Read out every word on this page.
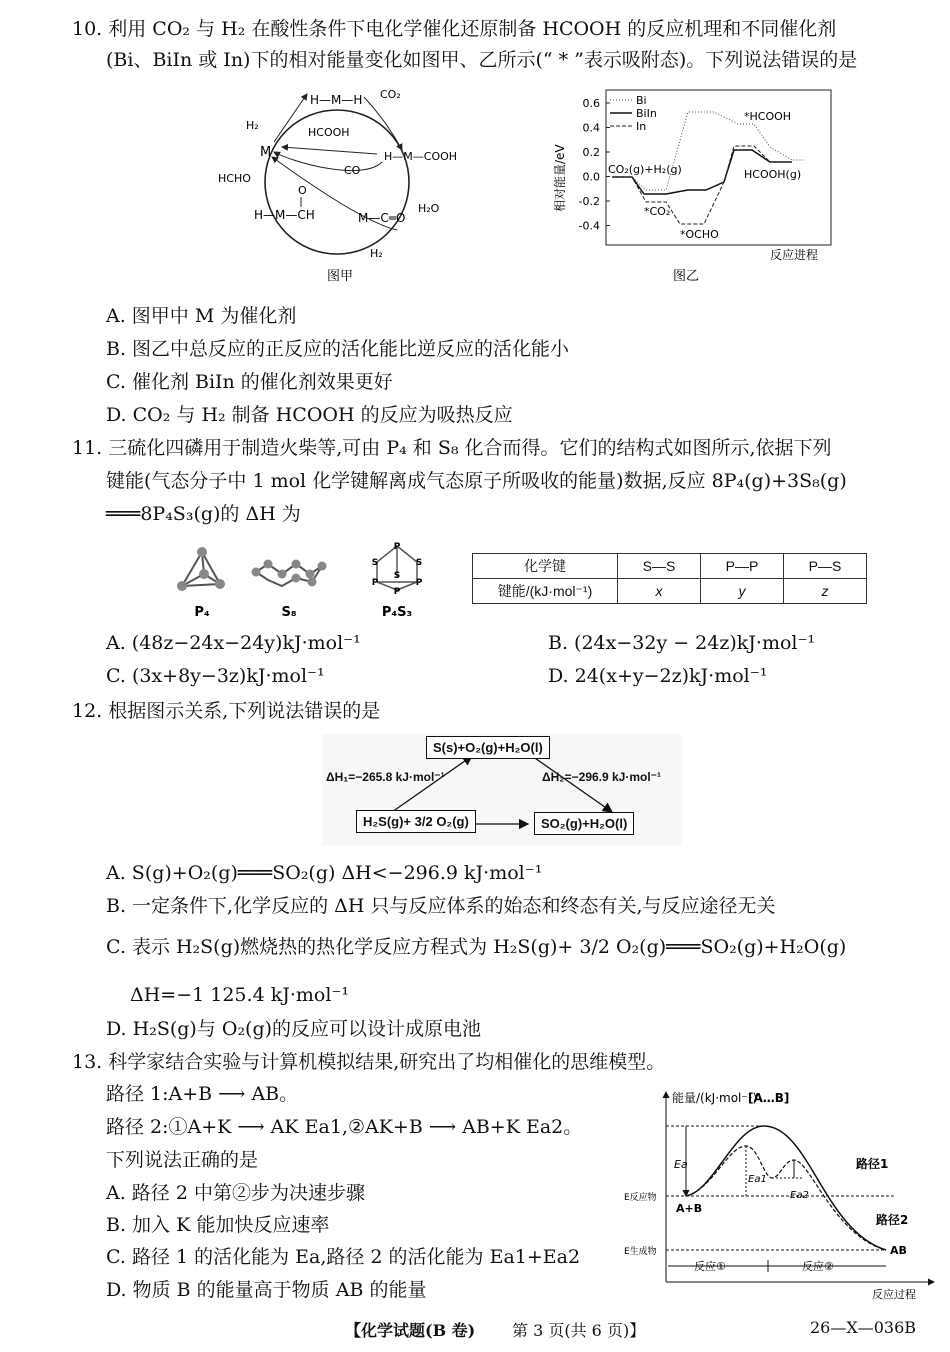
10. 利用 CO₂ 与 H₂ 在酸性条件下电化学催化还原制备 HCOOH 的反应机理和不同催化剂
(Bi、BiIn 或 In)下的相对能量变化如图甲、乙所示(“ * ”表示吸附态)。下列说法错误的是
M
H—M—H CO₂
H₂
HCOOH
H—M—COOH
HCHO
CO
O
H—M—CH	M—C═O
H₂O
H₂
图甲
相对能量/eV
0.6
0.4
0.2
0.0
-0.2
-0.4
Bi
BiIn
In
CO₂(g)+H₂(g)
*CO₂
*OCHO
*HCOOH
HCOOH(g)
反应进程
图乙
A. 图甲中 M 为催化剂
B. 图乙中总反应的正反应的活化能比逆反应的活化能小
C. 催化剂 BiIn 的催化剂效果更好
D. CO₂ 与 H₂ 制备 HCOOH 的反应为吸热反应
11. 三硫化四磷用于制造火柴等,可由 P₄ 和 S₈ 化合而得。它们的结构式如图所示,依据下列
键能(气态分子中 1 mol 化学键解离成气态原子所吸收的能量)数据,反应 8P₄(g)+3S₈(g)
═══8P₄S₃(g)的 ΔH 为
P
S	S
S
P	P
P
P₄	S₈	P₄S₃
化学键	S—S	P—P	P—S
键能/(kJ·mol⁻¹)	x	y	z
A. (48z−24x−24y)kJ·mol⁻¹	B. (24x−32y − 24z)kJ·mol⁻¹
C. (3x+8y−3z)kJ·mol⁻¹	D. 24(x+y−2z)kJ·mol⁻¹
12. 根据图示关系,下列说法错误的是
S(s)+O₂(g)+H₂O(l)
H₂S(g)+ 3/2 O₂(g)	SO₂(g)+H₂O(l)
ΔH₁=−265.8 kJ·mol⁻¹	ΔH₂=−296.9 kJ·mol⁻¹
A. S(g)+O₂(g)═══SO₂(g) ΔH<−296.9 kJ·mol⁻¹
B. 一定条件下,化学反应的 ΔH 只与反应体系的始态和终态有关,与反应途径无关
C. 表示 H₂S(g)燃烧热的热化学反应方程式为 H₂S(g)+ 3/2 O₂(g)═══SO₂(g)+H₂O(g)
ΔH=−1 125.4 kJ·mol⁻¹
D. H₂S(g)与 O₂(g)的反应可以设计成原电池
13. 科学家结合实验与计算机模拟结果,研究出了均相催化的思维模型。
路径 1:A+B ⟶ AB。
路径 2:①A+K ⟶ AK Ea1,②AK+B ⟶ AB+K Ea2。
下列说法正确的是
A. 路径 2 中第②步为决速步骤
B. 加入 K 能加快反应速率
C. 路径 1 的活化能为 Ea,路径 2 的活化能为 Ea1+Ea2
D. 物质 B 的能量高于物质 AB 的能量
能量/(kJ·mol⁻¹)
[A…B]
Ea
Ea1
Ea2
路径1
路径2
E反应物
E生成物
A+B
AB
反应①	反应②
反应过程
【化学试题(B 卷) 第 3 页(共 6 页)】	26—X—036B
